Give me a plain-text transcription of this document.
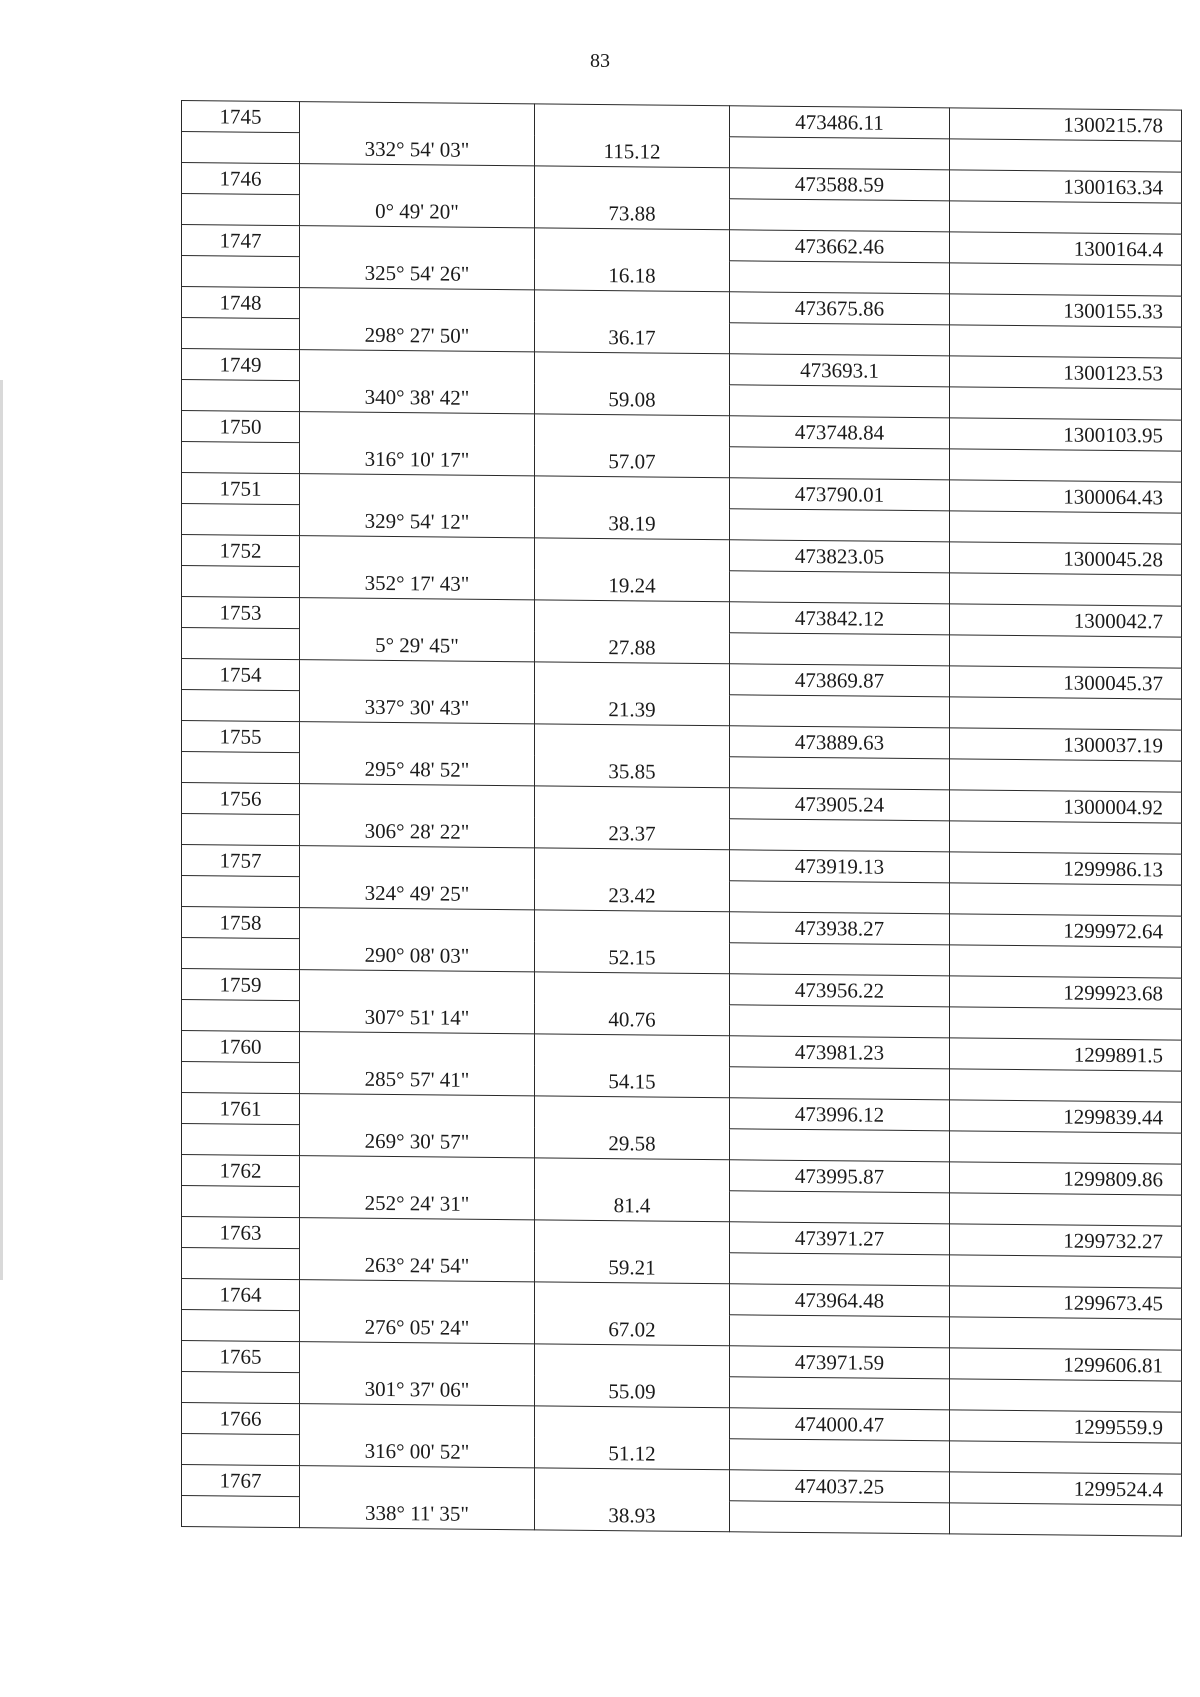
83
1745			473486.11	1300215.78
	332° 54' 03"	115.12		
1746			473588.59	1300163.34
	0° 49' 20"	73.88		
1747			473662.46	1300164.4
	325° 54' 26"	16.18		
1748			473675.86	1300155.33
	298° 27' 50"	36.17		
1749			473693.1	1300123.53
	340° 38' 42"	59.08		
1750			473748.84	1300103.95
	316° 10' 17"	57.07		
1751			473790.01	1300064.43
	329° 54' 12"	38.19		
1752			473823.05	1300045.28
	352° 17' 43"	19.24		
1753			473842.12	1300042.7
	5° 29' 45"	27.88		
1754			473869.87	1300045.37
	337° 30' 43"	21.39		
1755			473889.63	1300037.19
	295° 48' 52"	35.85		
1756			473905.24	1300004.92
	306° 28' 22"	23.37		
1757			473919.13	1299986.13
	324° 49' 25"	23.42		
1758			473938.27	1299972.64
	290° 08' 03"	52.15		
1759			473956.22	1299923.68
	307° 51' 14"	40.76		
1760			473981.23	1299891.5
	285° 57' 41"	54.15		
1761			473996.12	1299839.44
	269° 30' 57"	29.58		
1762			473995.87	1299809.86
	252° 24' 31"	81.4		
1763			473971.27	1299732.27
	263° 24' 54"	59.21		
1764			473964.48	1299673.45
	276° 05' 24"	67.02		
1765			473971.59	1299606.81
	301° 37' 06"	55.09		
1766			474000.47	1299559.9
	316° 00' 52"	51.12		
1767			474037.25	1299524.4
	338° 11' 35"	38.93		
